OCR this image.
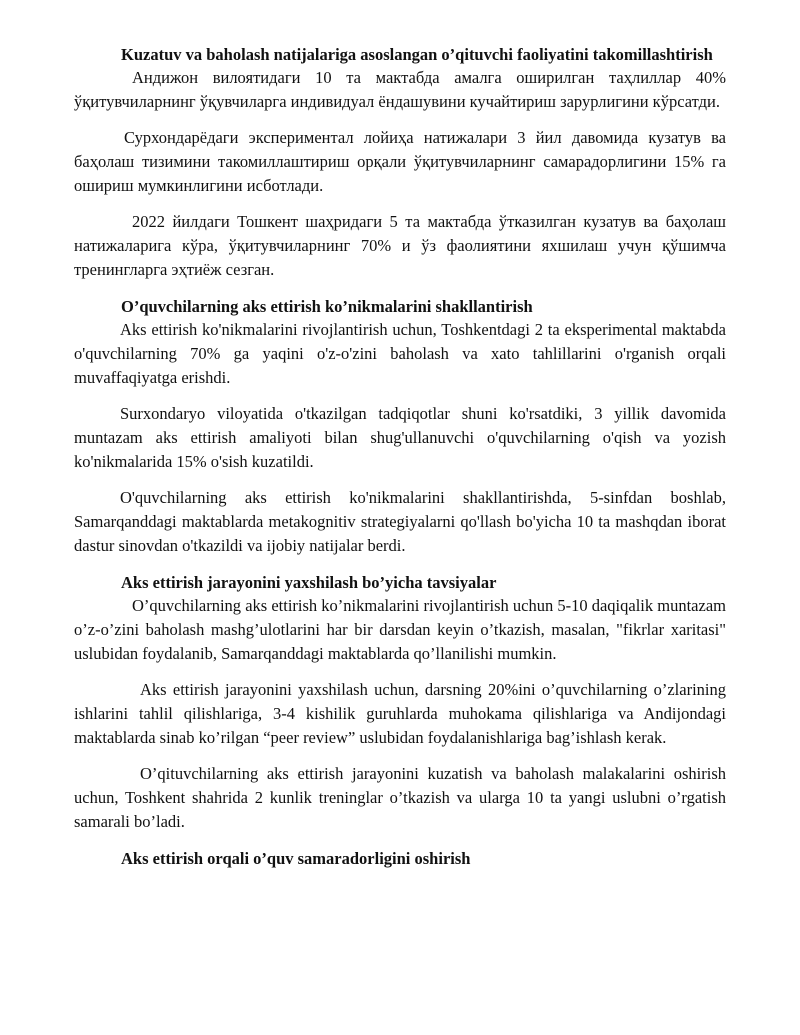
Kuzatuv va baholash natijalariga asoslangan o’qituvchi faoliyatini takomillashtirish

Андижон вилоятидаги 10 та мактабда амалга оширилган таҳлиллар 40% ўқитувчиларнинг ўқувчиларга индивидуал ёндашувини кучайтириш зарурлигини кўрсатди.

Сурхондарёдаги экспериментал лойиҳа натижалари 3 йил давомида кузатув ва баҳолаш тизимини такомиллаштириш орқали ўқитувчиларнинг самарадорлигини 15% га ошириш мумкинлигини исботлади.

2022 йилдаги Тошкент шаҳридаги 5 та мактабда ўтказилган кузатув ва баҳолаш натижаларига кўра, ўқитувчиларнинг 70% и ўз фаолиятини яхшилаш учун қўшимча тренингларга эҳтиёж сезган.

O’quvchilarning aks ettirish ko’nikmalarini shakllantirish

Aks ettirish ko'nikmalarini rivojlantirish uchun, Toshkentdagi 2 ta eksperimental maktabda o'quvchilarning 70% ga yaqini o'z-o'zini baholash va xato tahlillarini o'rganish orqali muvaffaqiyatga erishdi.

Surxondaryo viloyatida o'tkazilgan tadqiqotlar shuni ko'rsatdiki, 3 yillik davomida muntazam aks ettirish amaliyoti bilan shug'ullanuvchi o'quvchilarning o'qish va yozish ko'nikmalarida 15% o'sish kuzatildi.

O'quvchilarning aks ettirish ko'nikmalarini shakllantirishda, 5-sinfdan boshlab, Samarqanddagi maktablarda metakognitiv strategiyalarni qo'llash bo'yicha 10 ta mashqdan iborat dastur sinovdan o'tkazildi va ijobiy natijalar berdi.

Aks ettirish jarayonini yaxshilash bo’yicha tavsiyalar

O’quvchilarning aks ettirish ko’nikmalarini rivojlantirish uchun 5-10 daqiqalik muntazam o’z-o’zini baholash mashg’ulotlarini har bir darsdan keyin o’tkazish, masalan, "fikrlar xaritasi" uslubidan foydalanib, Samarqanddagi maktablarda qo’llanilishi mumkin.

Aks ettirish jarayonini yaxshilash uchun, darsning 20%ini o’quvchilarning o’zlarining ishlarini tahlil qilishlariga, 3-4 kishilik guruhlarda muhokama qilishlariga va Andijondagi maktablarda sinab ko’rilgan “peer review” uslubidan foydalanishlariga bag’ishlash kerak.

O’qituvchilarning aks ettirish jarayonini kuzatish va baholash malakalarini oshirish uchun, Toshkent shahrida 2 kunlik treninglar o’tkazish va ularga 10 ta yangi uslubni o’rgatish samarali bo’ladi.

Aks ettirish orqali o’quv samaradorligini oshirish
